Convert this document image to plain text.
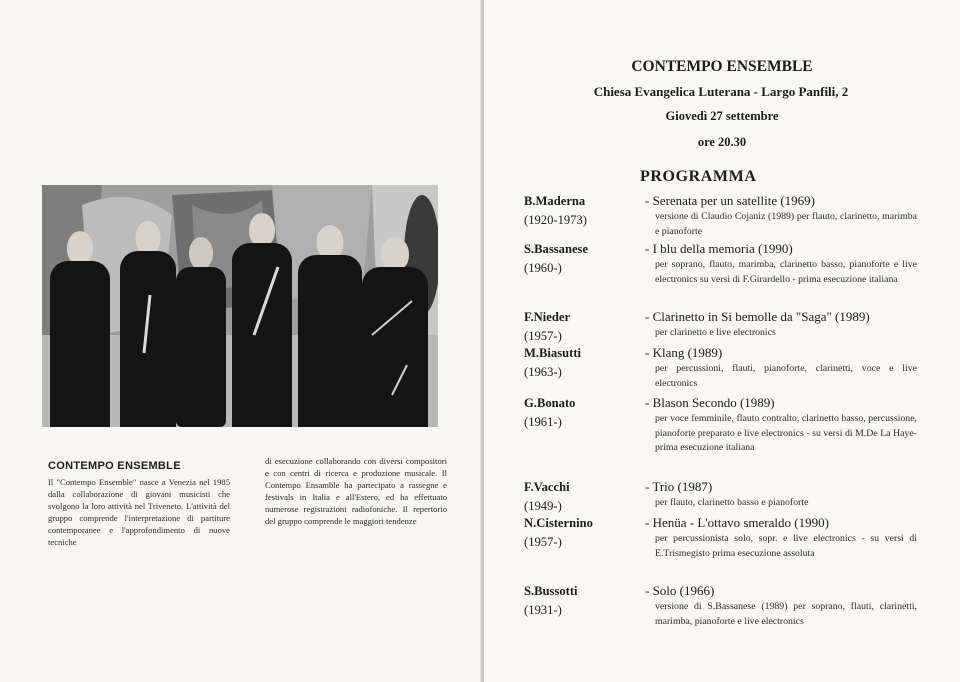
CONTEMPO ENSEMBLE

Il "Contempo Ensemble" nasce a Venezia nel 1985 dalla collaborazione di giovani musicisti che svolgono la loro attività nel Triveneto. L'attività del gruppo comprende l'interpretazione di partiture contemporanee e l'approfondimento di nuove tecniche

di esecuzione collaborando con diversi compositori e con centri di ricerca e produzione musicale. Il Contempo Ensamble ha partecipato a rassegne e festivals in Italia e all'Estero, ed ha effettuato numerose registrazioni radiofoniche. Il repertorio del gruppo comprende le maggiori tendenze

CONTEMPO ENSEMBLE

Chiesa Evangelica Luterana - Largo Panfili, 2

Giovedì 27 settembre

ore 20.30

PROGRAMMA

B.Maderna
(1920-1973)
- Serenata per un satellite (1969)
versione di Claudio Cojaniz (1989) per flauto, clarinetto, marimba e pianoforte
S.Bassanese
(1960-)
- I blu della memoria (1990)
per soprano, flauto, marimba, clarinetto basso, pianoforte e live electronics su versi di F.Girardello - prima esecuzione italiana
F.Nieder
(1957-)
- Clarinetto in Si bemolle da "Saga" (1989)
per clarinetto e live electronics
M.Biasutti
(1963-)
- Klang (1989)
per percussioni, flauti, pianoforte, clarinetti, voce e live electronics
G.Bonato
(1961-)
- Blason Secondo (1989)
per voce femminile, flauto contralto, clarinetto basso, percussione, pianoforte preparato e live electronics - su versi di M.De La Haye-prima esecuzione italiana
F.Vacchi
(1949-)
- Trio (1987)
per flauto, clarinetto basso e pianoforte
N.Cisternino
(1957-)
- Henüa - L'ottavo smeraldo (1990)
per percussionista solo, sopr. e live electronics - su versi di E.Trismegisto prima esecuzione assoluta
S.Bussotti
(1931-)
- Solo (1966)
versione di S.Bassanese (1989) per soprano, flauti, clarinetti, marimba, pianoforte e live electronics
